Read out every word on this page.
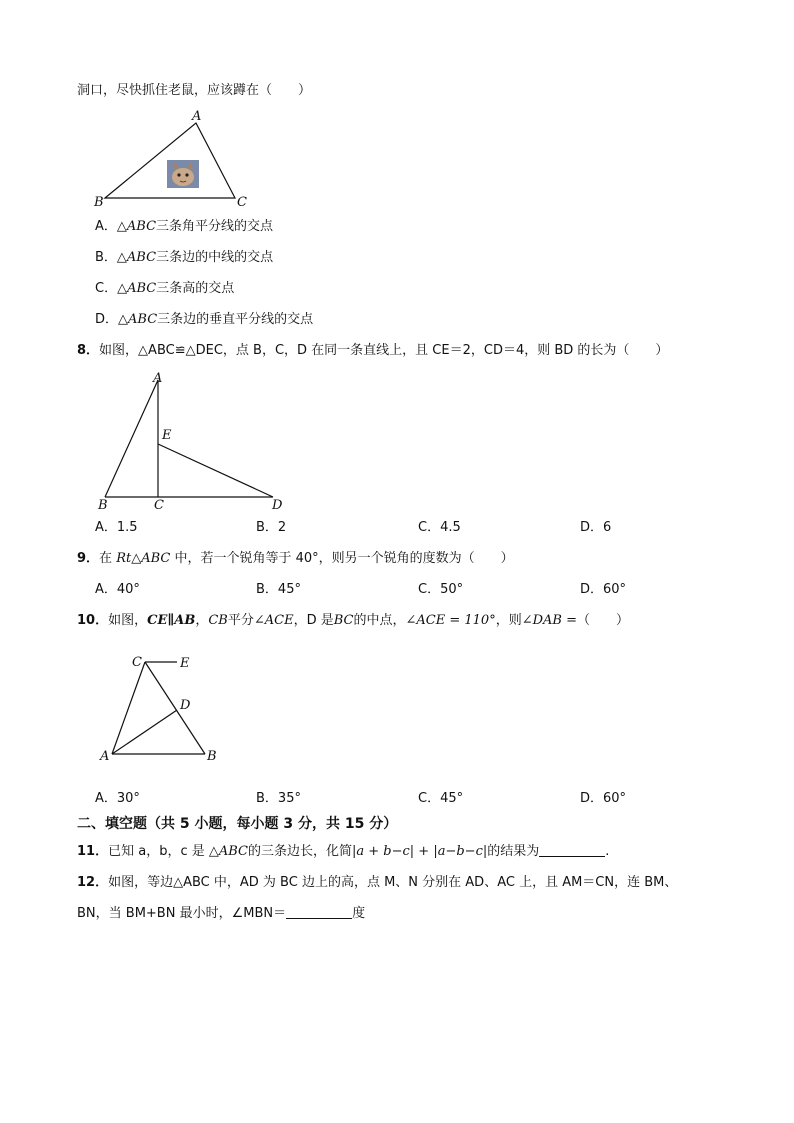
洞口，尽快抓住老鼠，应该蹲在（　　）
A
B	C
A．△ABC三条角平分线的交点
B．△ABC三条边的中线的交点
C．△ABC三条高的交点
D．△ABC三条边的垂直平分线的交点
8．如图，△ABC≌△DEC，点 B，C，D 在同一条直线上，且 CE＝2，CD＝4，则 BD 的长为（　　）
A
E
B	C	D
A．1.5	B．2	C．4.5	D．6
9．在 Rt△ABC 中，若一个锐角等于 40°，则另一个锐角的度数为（　　）
A．40°	B．45°	C．50°	D．60°
10．如图，CE∥AB，CB平分∠ACE，D 是BC的中点，∠ACE = 110°，则∠DAB =（　　）
C	E
D
A	B
A．30°	B．35°	C．45°	D．60°
二、填空题（共 5 小题，每小题 3 分，共 15 分）
11．已知 a，b，c 是 △ABC的三条边长，化简|a + b−c| + |a−b−c|的结果为	.
12．如图，等边△ABC 中，AD 为 BC 边上的高，点 M、N 分别在 AD、AC 上，且 AM＝CN，连 BM、
BN，当 BM+BN 最小时，∠MBN＝	度
